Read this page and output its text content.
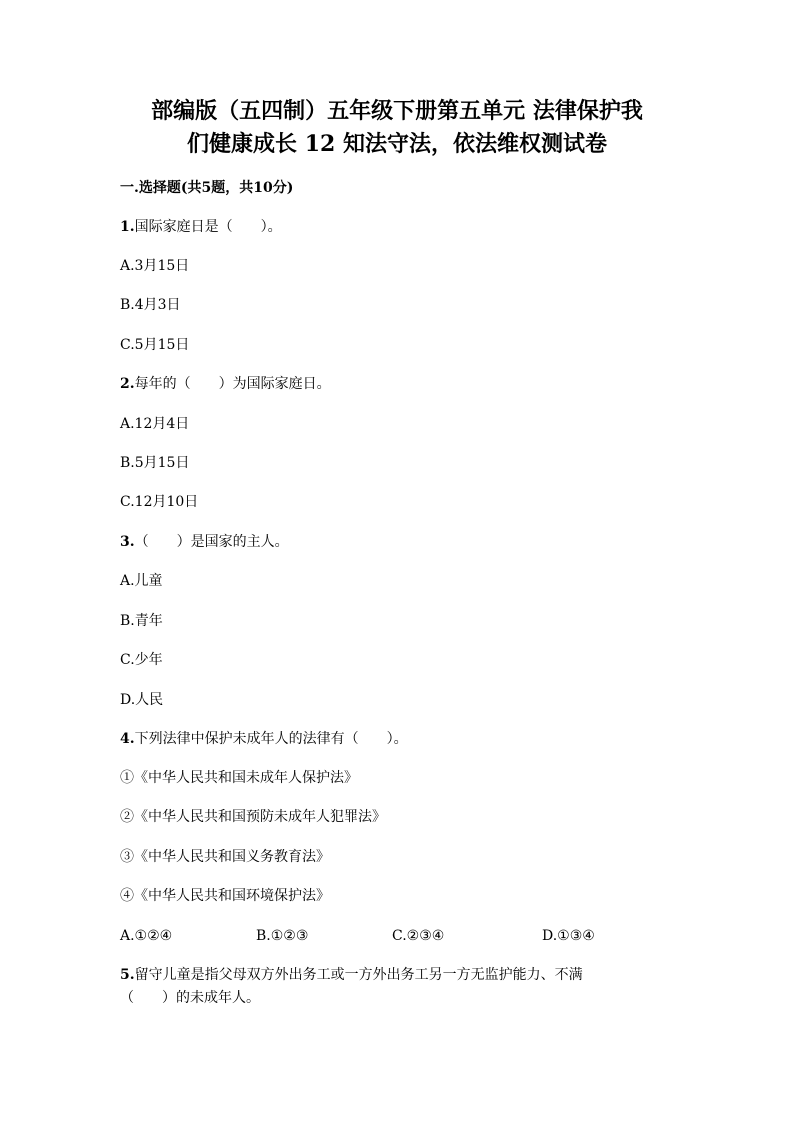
部编版（五四制）五年级下册第五单元 法律保护我
们健康成长 12 知法守法，依法维权测试卷
一.选择题(共5题，共10分)
1.国际家庭日是（　　）。
A.3月15日
B.4月3日
C.5月15日
2.每年的（　　）为国际家庭日。
A.12月4日
B.5月15日
C.12月10日
3.（　　）是国家的主人。
A.儿童
B.青年
C.少年
D.人民
4.下列法律中保护未成年人的法律有（　　）。
①《中华人民共和国未成年人保护法》
②《中华人民共和国预防未成年人犯罪法》
③《中华人民共和国义务教育法》
④《中华人民共和国环境保护法》
A.①②④	B.①②③	C.②③④	D.①③④
5.留守儿童是指父母双方外出务工或一方外出务工另一方无监护能力、不满
（　　）的未成年人。
